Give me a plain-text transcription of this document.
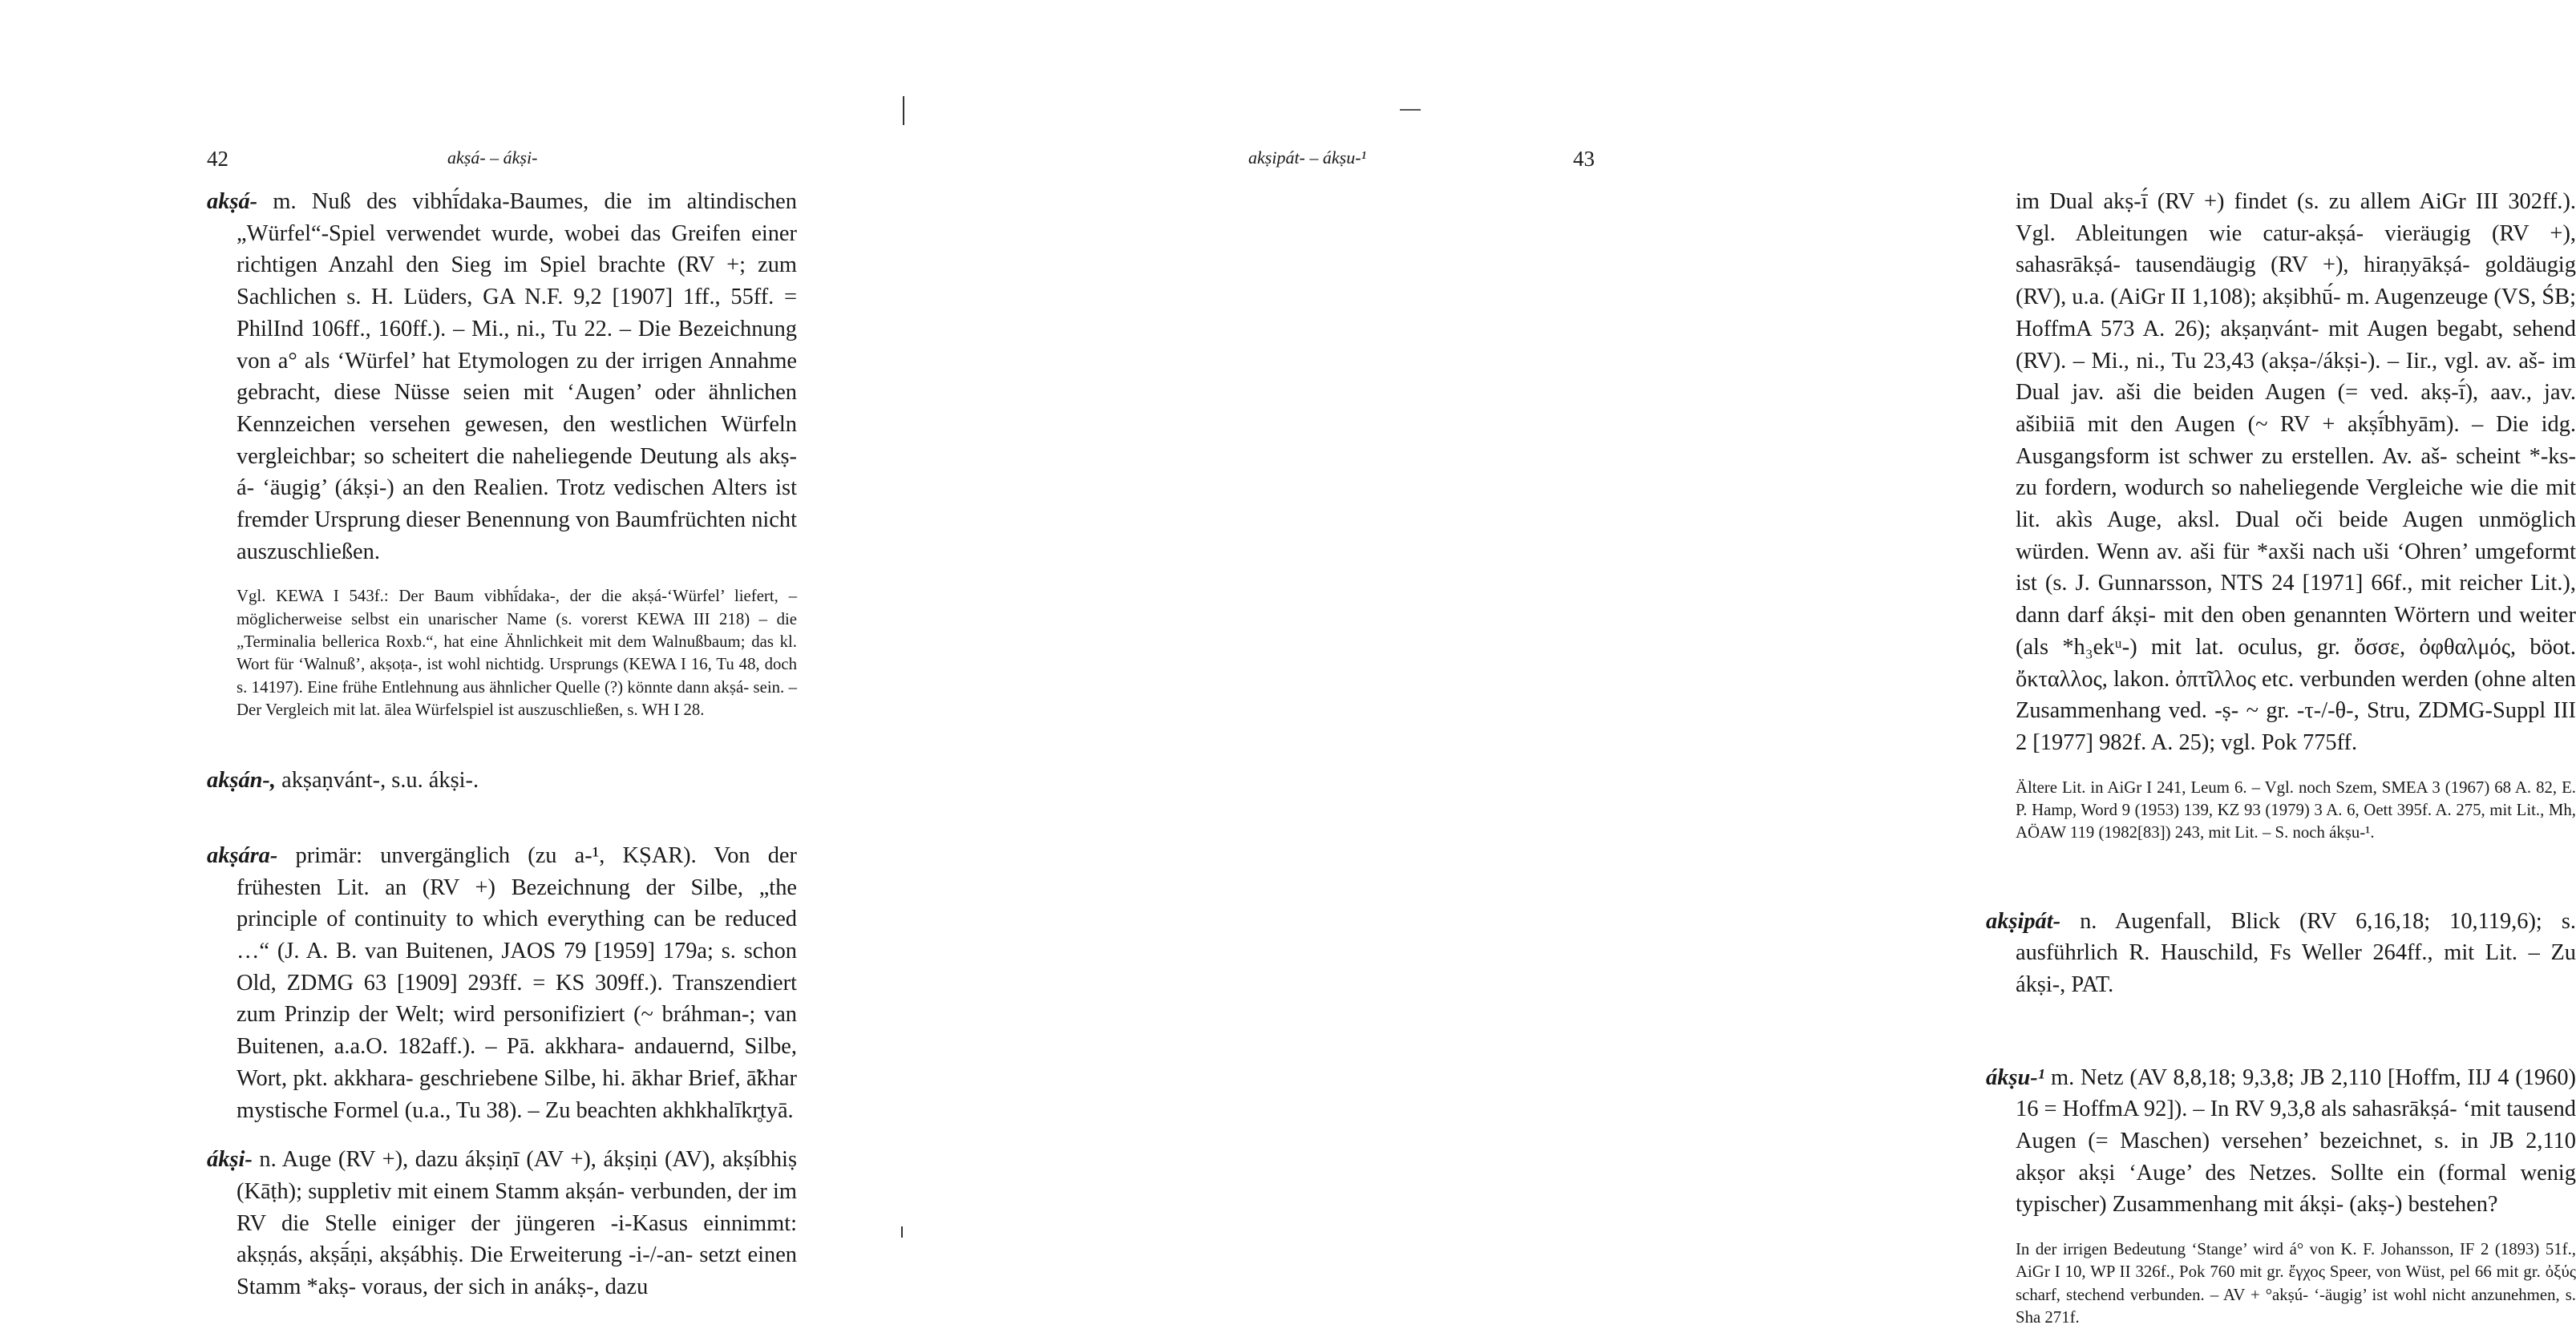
42	akṣá- – ákṣi-

akṣá- m. Nuß des vibhī́daka-Baumes, die im altindischen „Würfel“-Spiel verwendet wurde, wobei das Greifen einer richtigen Anzahl den Sieg im Spiel brachte (RV +; zum Sachlichen s. H. Lüders, GA N.F. 9,2 [1907] 1ff., 55ff. = PhilInd 106ff., 160ff.). – Mi., ni., Tu 22. – Die Bezeichnung von a° als ‘Würfel’ hat Etymologen zu der irrigen Annahme gebracht, diese Nüsse seien mit ‘Augen’ oder ähnlichen Kennzeichen versehen gewesen, den westlichen Würfeln vergleichbar; so scheitert die naheliegende Deutung als akṣ-á- ‘äugig’ (ákṣi-) an den Realien. Trotz vedischen Alters ist fremder Ursprung dieser Benennung von Baumfrüchten nicht auszuschließen.

Vgl. KEWA I 543f.: Der Baum vibhī́daka-, der die akṣá-‘Würfel’ liefert, – möglicherweise selbst ein unarischer Name (s. vorerst KEWA III 218) – die „Terminalia bellerica Roxb.“, hat eine Ähnlichkeit mit dem Walnußbaum; das kl. Wort für ‘Walnuß’, akṣoṭa-, ist wohl nichtidg. Ursprungs (KEWA I 16, Tu 48, doch s. 14197). Eine frühe Entlehnung aus ähnlicher Quelle (?) könnte dann akṣá- sein. – Der Vergleich mit lat. ālea Würfelspiel ist auszuschließen, s. WH I 28.

akṣán-, akṣaṇvánt-, s.u. ákṣi-.

akṣára- primär: unvergänglich (zu a-¹, KṢAR). Von der frühesten Lit. an (RV +) Bezeichnung der Silbe, „the principle of continuity to which everything can be reduced …“ (J. A. B. van Buitenen, JAOS 79 [1959] 179a; s. schon Old, ZDMG 63 [1909] 293ff. = KS 309ff.). Transzendiert zum Prinzip der Welt; wird personifiziert (~ bráhman-; van Buitenen, a.a.O. 182aff.). – Pā. akkhara- andauernd, Silbe, Wort, pkt. akkhara- geschriebene Silbe, hi. ākhar Brief, ā̃khar mystische Formel (u.a., Tu 38). – Zu beachten akhkhalīkr̥tyā.

ákṣi- n. Auge (RV +), dazu ákṣiṇī (AV +), ákṣiṇi (AV), akṣíbhiṣ (Kāṭh); suppletiv mit einem Stamm akṣán- verbunden, der im RV die Stelle einiger der jüngeren -i-Kasus einnimmt: akṣṇás, akṣā́ṇi, akṣábhiṣ. Die Erweiterung -i-/-an- setzt einen Stamm *akṣ- voraus, der sich in anákṣ-, dazu

akṣipát- – ákṣu-¹	43

im Dual akṣ-ī́ (RV +) findet (s. zu allem AiGr III 302ff.). Vgl. Ableitungen wie catur-akṣá- vieräugig (RV +), sahasrākṣá- tausendäugig (RV +), hiraṇyākṣá- goldäugig (RV), u.a. (AiGr II 1,108); akṣibhū́- m. Augenzeuge (VS, ŚB; HoffmA 573 A. 26); akṣaṇvánt- mit Augen begabt, sehend (RV). – Mi., ni., Tu 23,43 (akṣa-/ákṣi-). – Iir., vgl. av. aš- im Dual jav. aši die beiden Augen (= ved. akṣ-ī́), aav., jav. ašibiiā mit den Augen (~ RV + akṣī́bhyām). – Die idg. Ausgangsform ist schwer zu erstellen. Av. aš- scheint *-ks- zu fordern, wodurch so naheliegende Vergleiche wie die mit lit. akìs Auge, aksl. Dual oči beide Augen unmöglich würden. Wenn av. aši für *axši nach uši ‘Ohren’ umgeformt ist (s. J. Gunnarsson, NTS 24 [1971] 66f., mit reicher Lit.), dann darf ákṣi- mit den oben genannten Wörtern und weiter (als *h₃ekᵘ-) mit lat. oculus, gr. ὄσσε, ὀφθαλμός, böot. ὄκταλλος, lakon. ὀπτῖλλος etc. verbunden werden (ohne alten Zusammenhang ved. -ṣ- ~ gr. -τ-/-θ-, Stru, ZDMG-Suppl III 2 [1977] 982f. A. 25); vgl. Pok 775ff.

Ältere Lit. in AiGr I 241, Leum 6. – Vgl. noch Szem, SMEA 3 (1967) 68 A. 82, E. P. Hamp, Word 9 (1953) 139, KZ 93 (1979) 3 A. 6, Oett 395f. A. 275, mit Lit., Mh, AÖAW 119 (1982[83]) 243, mit Lit. – S. noch ákṣu-¹.

akṣipát- n. Augenfall, Blick (RV 6,16,18; 10,119,6); s. ausführlich R. Hauschild, Fs Weller 264ff., mit Lit. – Zu ákṣi-, PAT.

ákṣu-¹ m. Netz (AV 8,8,18; 9,3,8; JB 2,110 [Hoffm, IIJ 4 (1960) 16 = HoffmA 92]). – In RV 9,3,8 als sahasrākṣá- ‘mit tausend Augen (= Maschen) versehen’ bezeichnet, s. in JB 2,110 akṣor akṣi ‘Auge’ des Netzes. Sollte ein (formal wenig typischer) Zusammenhang mit ákṣi- (akṣ-) bestehen?

In der irrigen Bedeutung ‘Stange’ wird á° von K. F. Johansson, IF 2 (1893) 51f., AiGr I 10, WP II 326f., Pok 760 mit gr. ἔγχος Speer, von Wüst, pel 66 mit gr. ὀξύς scharf, stechend verbunden. – AV + °akṣú- ‘-äugig’ ist wohl nicht anzunehmen, s. Sha 271f.
